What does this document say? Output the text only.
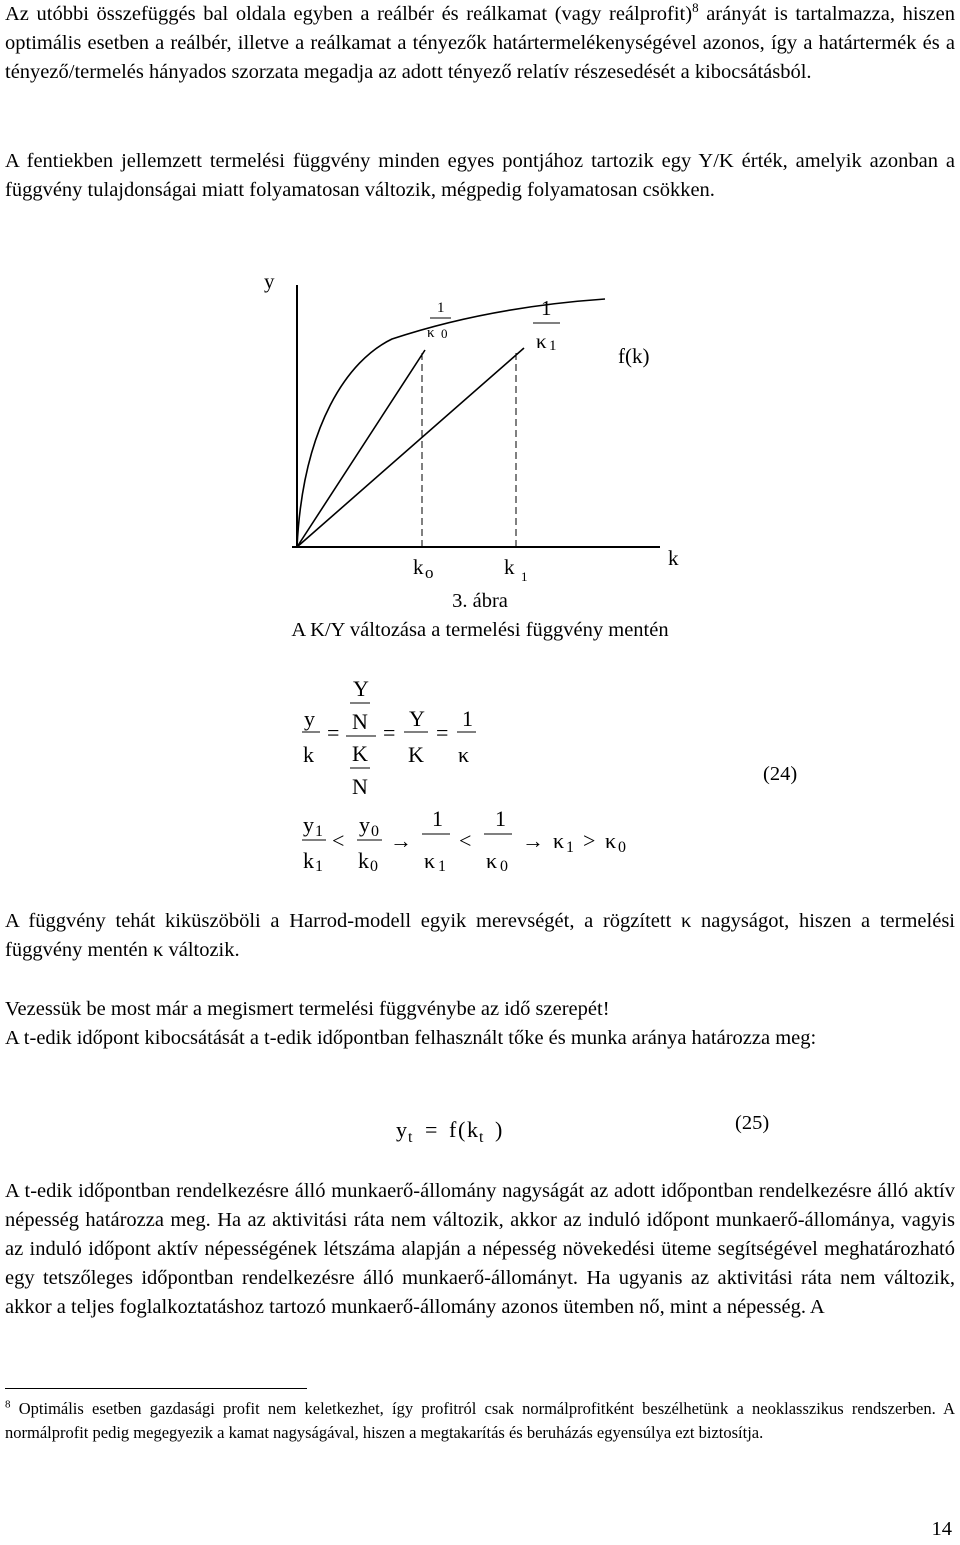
Az utóbbi összefüggés bal oldala egyben a reálbér és reálkamat (vagy reálprofit)$^8$ arányát is tartalmazza, hiszen optimális esetben a reálbér, illetve a reálkamat a tényezők határtermelékenységével azonos, így a határtermék és a tényező/termelés hányados szorzata megadja az adott tényező relatív részesedését a kibocsátásból.

A fentiekben jellemzett termelési függvény minden egyes pontjához tartozik egy Y/K érték, amelyik azonban a függvény tulajdonságai miatt folyamatosan változik, mégpedig folyamatosan csökken.

y
k
f(k)
1
κ 0
1
κ 1
k o	k 1

3. ábra

A K/Y változása a termelési függvény mentén

y
k
=
Y
N
K
N
=
Y
K
=
1
κ
y 1
k 1
<
y 0
k 0
→
1
κ 1
<
1
κ 0
→ κ 1 > κ 0
(24)

A függvény tehát kiküszöböli a Harrod-modell egyik merevségét, a rögzített κ nagyságot, hiszen a termelési függvény mentén κ változik.

Vezessük be most már a megismert termelési függvénybe az idő szerepét!

A t-edik időpont kibocsátását a t-edik időpontban felhasznált tőke és munka aránya határozza meg:

y t = f ( k t )	(25)

A t-edik időpontban rendelkezésre álló munkaerő-állomány nagyságát az adott időpontban rendelkezésre álló aktív népesség határozza meg. Ha az aktivitási ráta nem változik, akkor az induló időpont munkaerő-állománya, vagyis az induló időpont aktív népességének létszáma alapján a népesség növekedési üteme segítségével meghatározható egy tetszőleges időpontban rendelkezésre álló munkaerő-állományt. Ha ugyanis az aktivitási ráta nem változik, akkor a teljes foglalkoztatáshoz tartozó munkaerő-állomány azonos ütemben nő, mint a népesség. A

$^8$ Optimális esetben gazdasági profit nem keletkezhet, így profitról csak normálprofitként beszélhetünk a neoklasszikus rendszerben. A normálprofit pedig megegyezik a kamat nagyságával, hiszen a megtakarítás és beruházás egyensúlya ezt biztosítja.

14
